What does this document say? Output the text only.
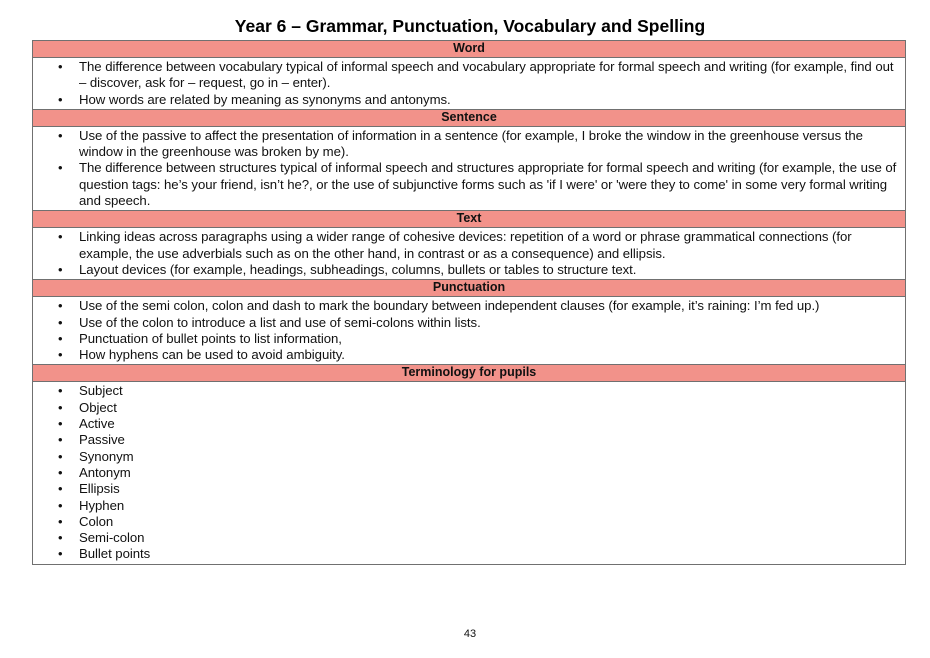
Year 6 – Grammar, Punctuation, Vocabulary and Spelling
Word
• The difference between vocabulary typical of informal speech and vocabulary appropriate for formal speech and writing (for example, find out – discover, ask for – request, go in – enter).
• How words are related by meaning as synonyms and antonyms.
Sentence
• Use of the passive to affect the presentation of information in a sentence (for example, I broke the window in the greenhouse versus the window in the greenhouse was broken by me).
• The difference between structures typical of informal speech and structures appropriate for formal speech and writing (for example, the use of question tags: he’s your friend, isn’t he?, or the use of subjunctive forms such as 'if I were' or 'were they to come' in some very formal writing and speech.
Text
• Linking ideas across paragraphs using a wider range of cohesive devices: repetition of a word or phrase grammatical connections (for example, the use adverbials such as on the other hand, in contrast or as a consequence) and ellipsis.
• Layout devices (for example, headings, subheadings, columns, bullets or tables to structure text.
Punctuation
• Use of the semi colon, colon and dash to mark the boundary between independent clauses (for example, it’s raining: I’m fed up.)
• Use of the colon to introduce a list and use of semi-colons within lists.
• Punctuation of bullet points to list information,
• How hyphens can be used to avoid ambiguity.
Terminology for pupils
• Subject
• Object
• Active
• Passive
• Synonym
• Antonym
• Ellipsis
• Hyphen
• Colon
• Semi-colon
• Bullet points
43
